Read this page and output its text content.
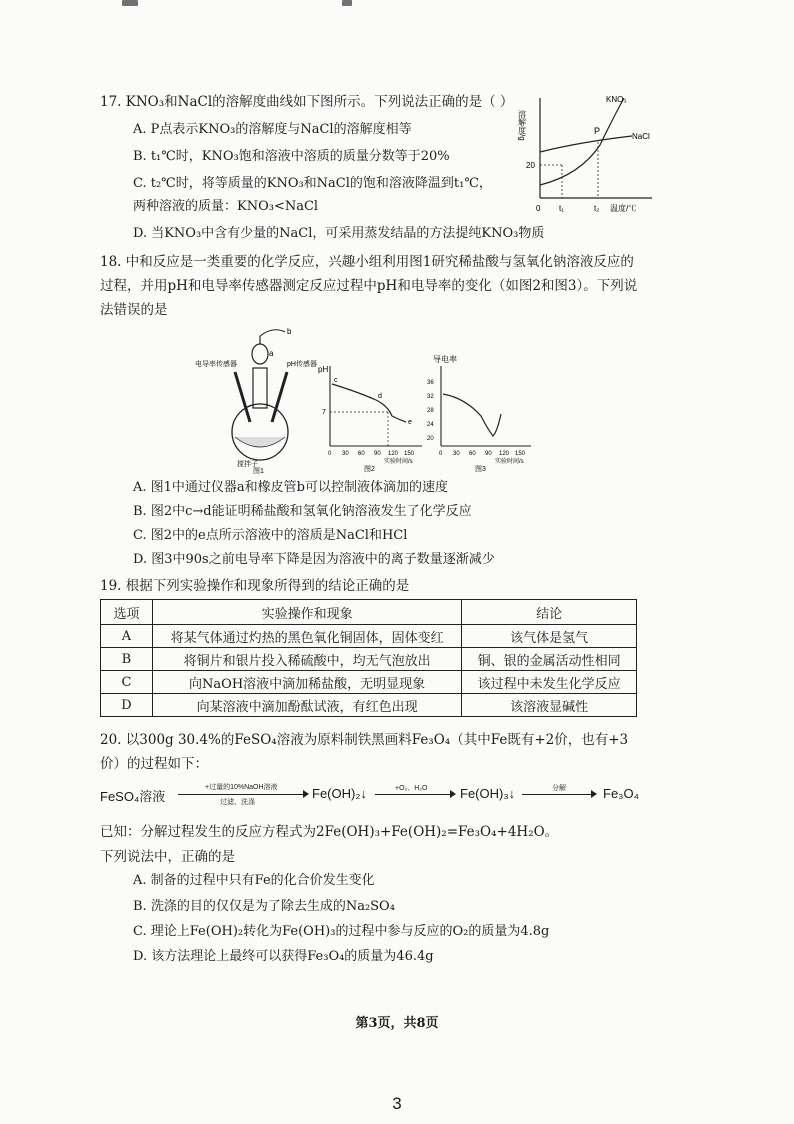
17. KNO₃和NaCl的溶解度曲线如下图所示。下列说法正确的是（ ）
A. P点表示KNO₃的溶解度与NaCl的溶解度相等
B. t₁℃时，KNO₃饱和溶液中溶质的质量分数等于20%
C. t₂℃时，将等质量的KNO₃和NaCl的饱和溶液降温到t₁℃，
两种溶液的质量：KNO₃<NaCl
D. 当KNO₃中含有少量的NaCl，可采用蒸发结晶的方法提纯KNO₃物质
溶解度/g
20
KNO₃
NaCl
P
0 t₁	t₂ 温度/℃
18. 中和反应是一类重要的化学反应，兴趣小组利用图1研究稀盐酸与氢氧化钠溶液反应的过程，并用pH和电导率传感器测定反应过程中pH和电导率的变化（如图2和图3）。下列说法错误的是
电导率传感器	pH传感器
a
b
搅拌子
图1
pH
7
c
d
e
0 30 60 90 120 150
实验时间/s
图2
导电率
36
32
28
24
20
0 30 60 90 120 150
实验时间/s
图3
A. 图1中通过仪器a和橡皮管b可以控制液体滴加的速度
B. 图2中c→d能证明稀盐酸和氢氧化钠溶液发生了化学反应
C. 图2中的e点所示溶液中的溶质是NaCl和HCl
D. 图3中90s之前电导率下降是因为溶液中的离子数量逐渐减少
19. 根据下列实验操作和现象所得到的结论正确的是
选项	实验操作和现象	结论
A	将某气体通过灼热的黑色氧化铜固体，固体变红	该气体是氢气
B	将铜片和银片投入稀硫酸中，均无气泡放出	铜、银的金属活动性相同
C	向NaOH溶液中滴加稀盐酸，无明显现象	该过程中未发生化学反应
D	向某溶液中滴加酚酞试液，有红色出现	该溶液显碱性
20. 以300g 30.4%的FeSO₄溶液为原料制铁黑画料Fe₃O₄（其中Fe既有+2价，也有+3价）的过程如下：
FeSO₄溶液
+过量的10%NaOH溶液
过滤、洗涤
Fe(OH)₂↓	+O₂、H₂O	Fe(OH)₃↓	分解	Fe₃O₄
已知：分解过程发生的反应方程式为2Fe(OH)₃+Fe(OH)₂=Fe₃O₄+4H₂O。
下列说法中，正确的是
A. 制备的过程中只有Fe的化合价发生变化
B. 洗涤的目的仅仅是为了除去生成的Na₂SO₄
C. 理论上Fe(OH)₂转化为Fe(OH)₃的过程中参与反应的O₂的质量为4.8g
D. 该方法理论上最终可以获得Fe₃O₄的质量为46.4g
第3页，共8页
3
